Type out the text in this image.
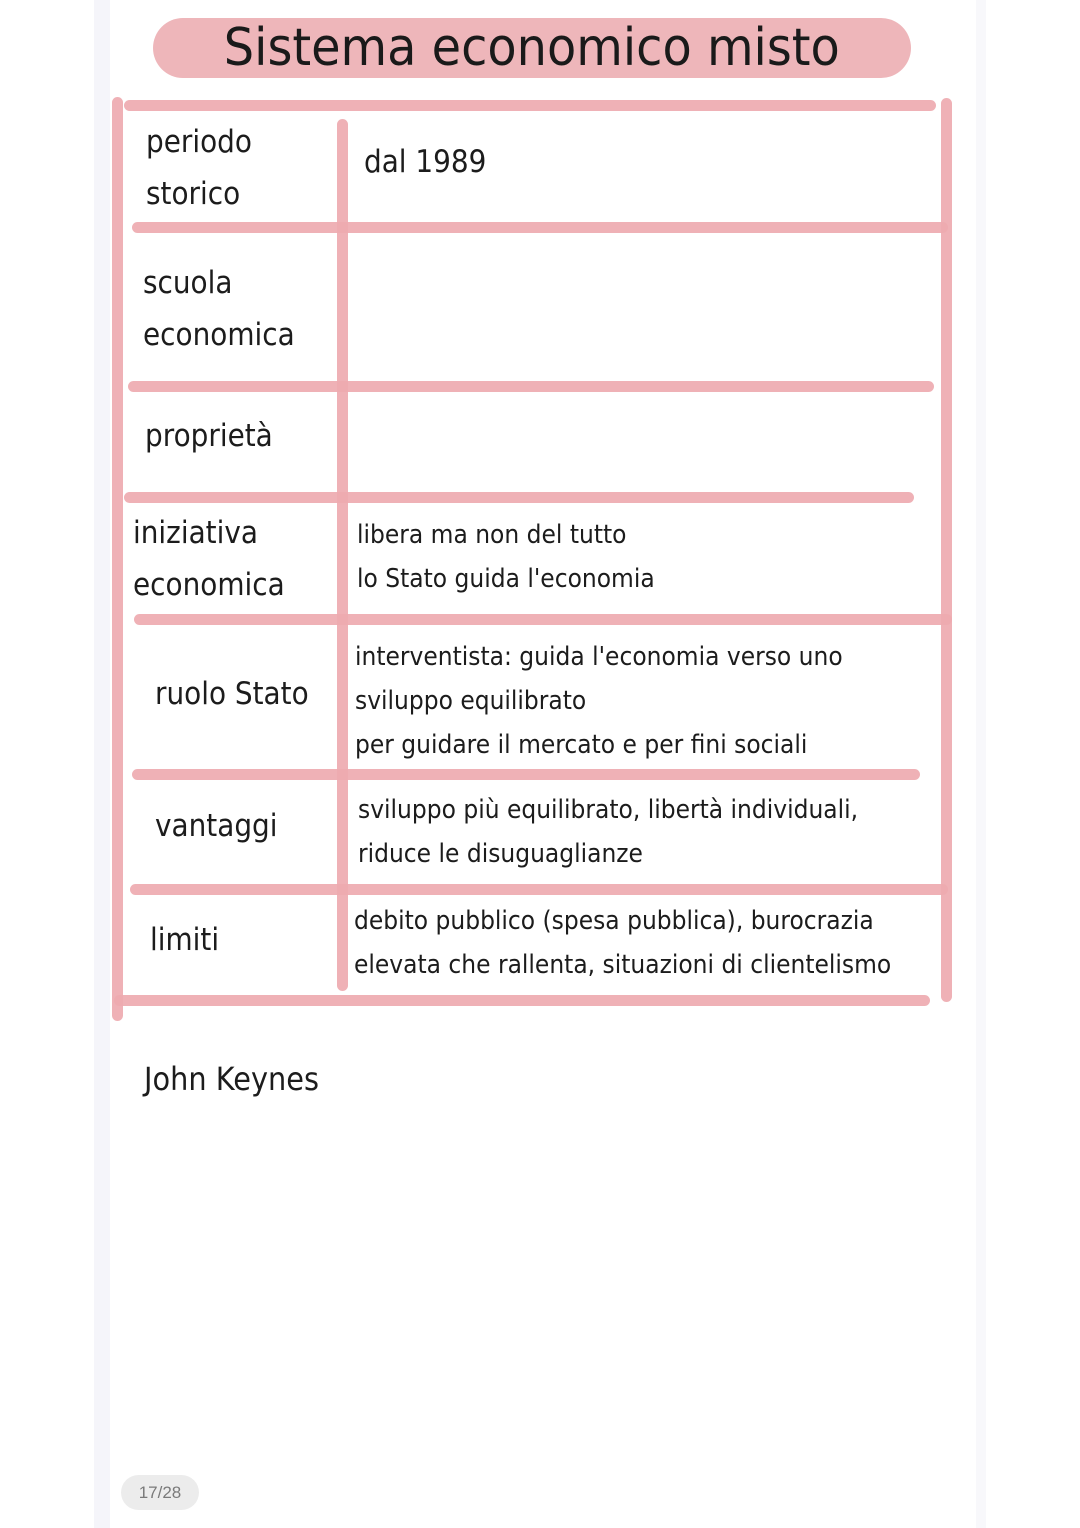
Sistema economico misto
periodo
storico
dal 1989
scuola
economica
proprietà
iniziativa
economica
libera ma non del tutto
lo Stato guida l'economia
ruolo Stato
interventista: guida l'economia verso uno
sviluppo equilibrato
per guidare il mercato e per fini sociali
vantaggi	sviluppo più equilibrato, libertà individuali,
riduce le disuguaglianze
limiti
debito pubblico (spesa pubblica), burocrazia
elevata che rallenta, situazioni di clientelismo
John Keynes
17/28
